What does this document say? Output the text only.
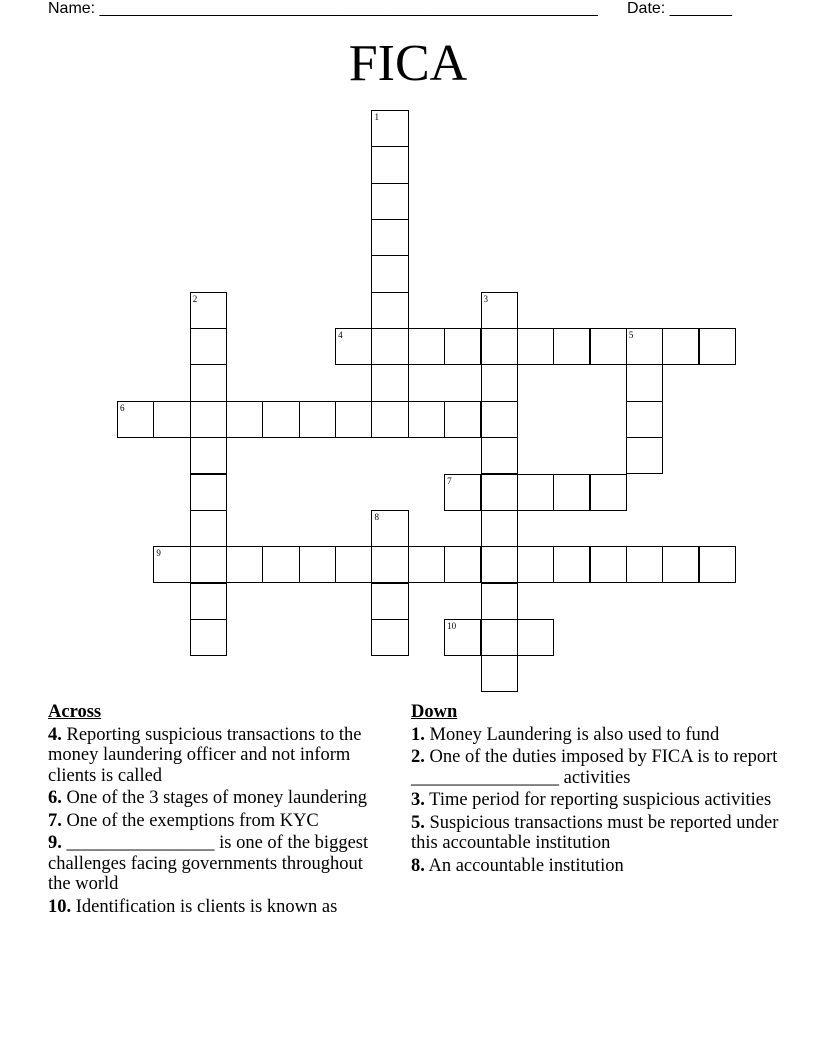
Name: ________________________________________________________ Date: _______
FICA
1
2	3
4	5
6
7
8
9
10
Across
4. Reporting suspicious transactions to the money laundering officer and not inform clients is called
6. One of the 3 stages of money laundering
7. One of the exemptions from KYC
9. ________________ is one of the biggest challenges facing governments throughout the world
10. Identification is clients is known as
Down
1. Money Laundering is also used to fund
2. One of the duties imposed by FICA is to report ________________ activities
3. Time period for reporting suspicious activities
5. Suspicious transactions must be reported under this accountable institution
8. An accountable institution
